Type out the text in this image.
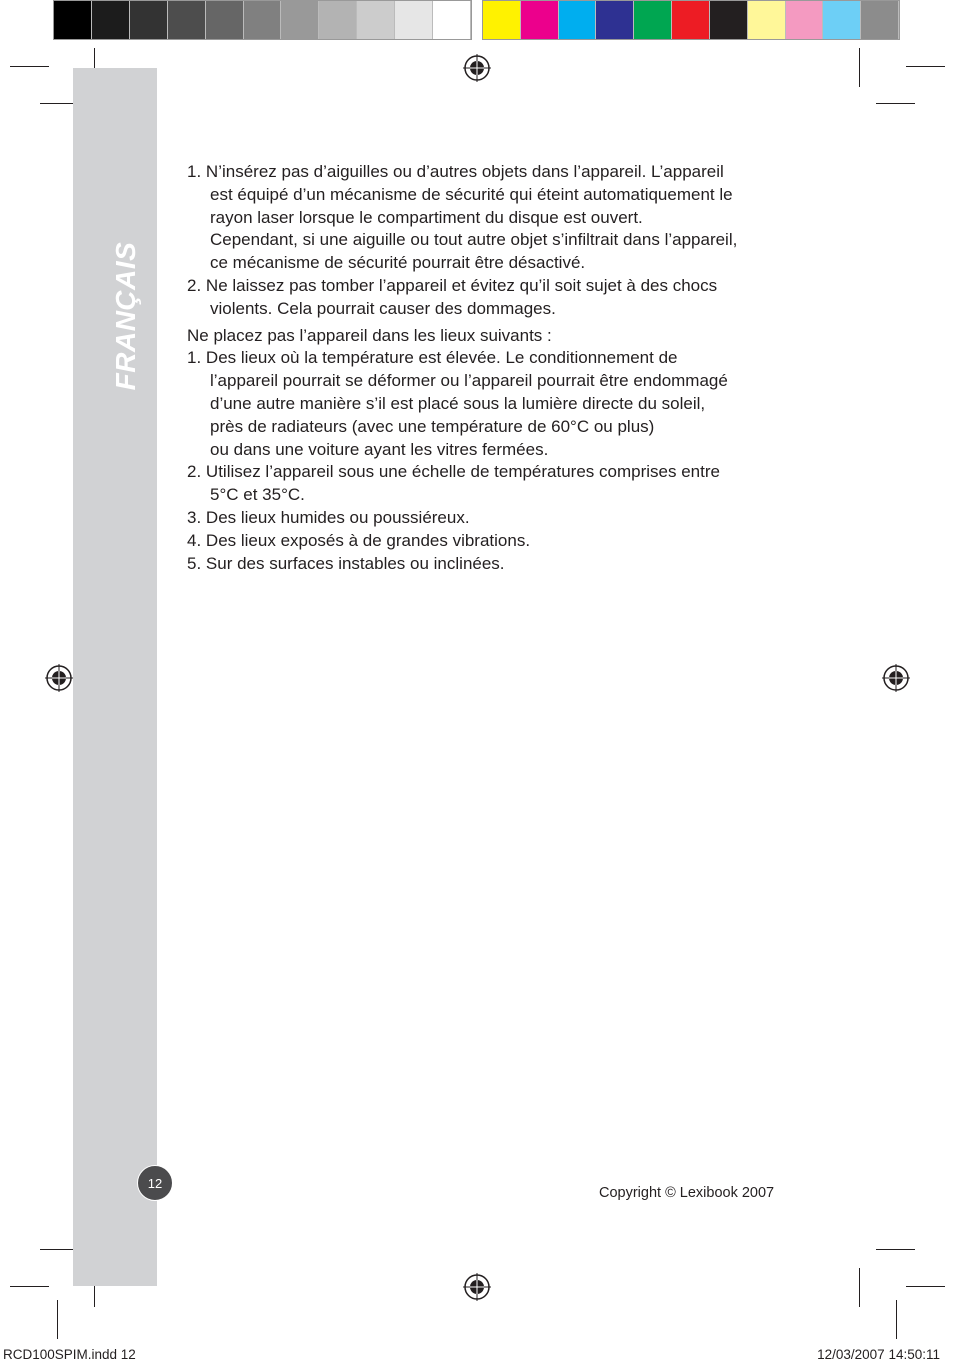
FRANÇAIS
12
1. N’insérez pas d’aiguilles ou d’autres objets dans l’appareil. L’appareil
est équipé d’un mécanisme de sécurité qui éteint automatiquement le
rayon laser lorsque le compartiment du disque est ouvert.
Cependant, si une aiguille ou tout autre objet s’infiltrait dans l’appareil,
ce mécanisme de sécurité pourrait être désactivé.
2. Ne laissez pas tomber l’appareil et évitez qu’il soit sujet à des chocs
violents. Cela pourrait causer des dommages.
Ne placez pas l’appareil dans les lieux suivants :
1. Des lieux où la température est élevée. Le conditionnement de
l’appareil pourrait se déformer ou l’appareil pourrait être endommagé
d’une autre manière s’il est placé sous la lumière directe du soleil,
près de radiateurs (avec une température de 60°C ou plus)
ou dans une voiture ayant les vitres fermées.
2. Utilisez l’appareil sous une échelle de températures comprises entre
5°C et 35°C.
3. Des lieux humides ou poussiéreux.
4. Des lieux exposés à de grandes vibrations.
5. Sur des surfaces instables ou inclinées.
Copyright © Lexibook 2007
RCD100SPIM.indd 12	12/03/2007 14:50:11
